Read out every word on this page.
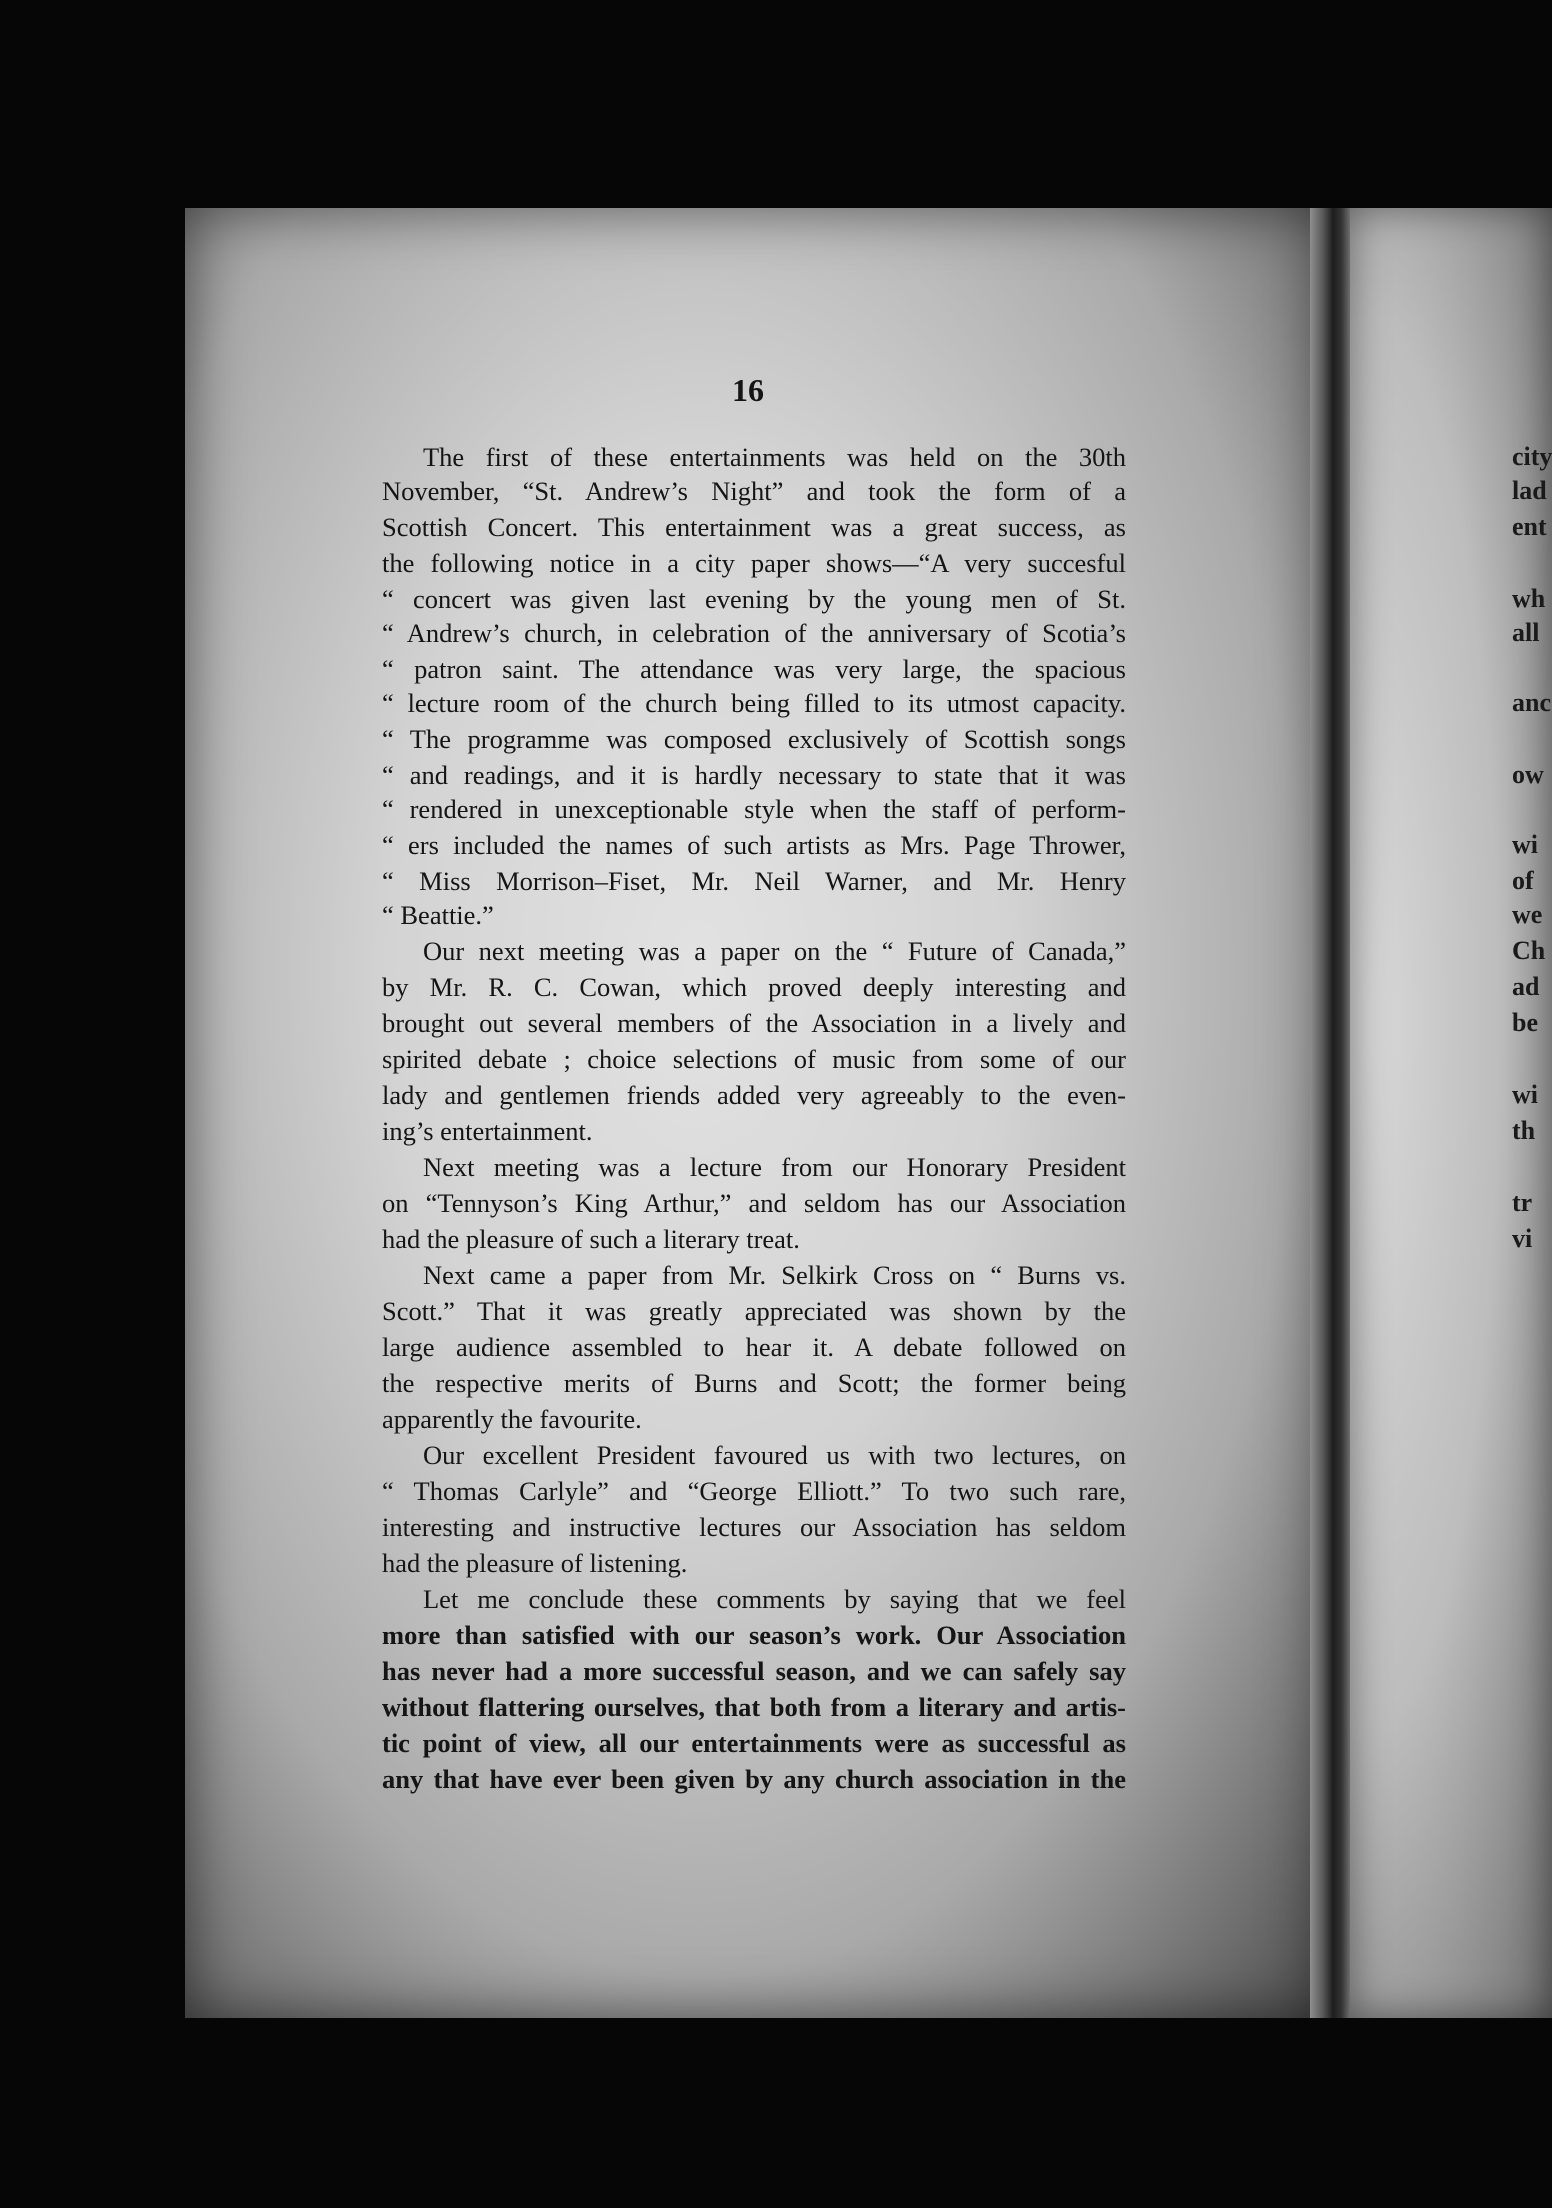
16

The first of these entertainments was held on the 30th

November, “St. Andrew’s Night” and took the form of a

Scottish Concert. This entertainment was a great success, as

the following notice in a city paper shows—“A very succesful

“ concert was given last evening by the young men of St.

“ Andrew’s church, in celebration of the anniversary of Scotia’s

“ patron saint. The attendance was very large, the spacious

“ lecture room of the church being filled to its utmost capacity.

“ The programme was composed exclusively of Scottish songs

“ and readings, and it is hardly necessary to state that it was

“ rendered in unexceptionable style when the staff of perform-

“ ers included the names of such artists as Mrs. Page Thrower,

“ Miss Morrison–Fiset, Mr. Neil Warner, and Mr. Henry

“ Beattie.”

Our next meeting was a paper on the “ Future of Canada,”

by Mr. R. C. Cowan, which proved deeply interesting and

brought out several members of the Association in a lively and

spirited debate ; choice selections of music from some of our

lady and gentlemen friends added very agreeably to the even-

ing’s entertainment.

Next meeting was a lecture from our Honorary President

on “Tennyson’s King Arthur,” and seldom has our Association

had the pleasure of such a literary treat.

Next came a paper from Mr. Selkirk Cross on “ Burns vs.

Scott.” That it was greatly appreciated was shown by the

large audience assembled to hear it. A debate followed on

the respective merits of Burns and Scott; the former being

apparently the favourite.

Our excellent President favoured us with two lectures, on

“ Thomas Carlyle” and “George Elliott.” To two such rare,

interesting and instructive lectures our Association has seldom

had the pleasure of listening.

Let me conclude these comments by saying that we feel

more than satisfied with our season’s work. Our Association

has never had a more successful season, and we can safely say

without flattering ourselves, that both from a literary and artis-

tic point of view, all our entertainments were as successful as

any that have ever been given by any church association in the

city

lad

ent

wh

all

anc

ow

wi

of

we

Ch

ad

be

wi

th

tr

vi
